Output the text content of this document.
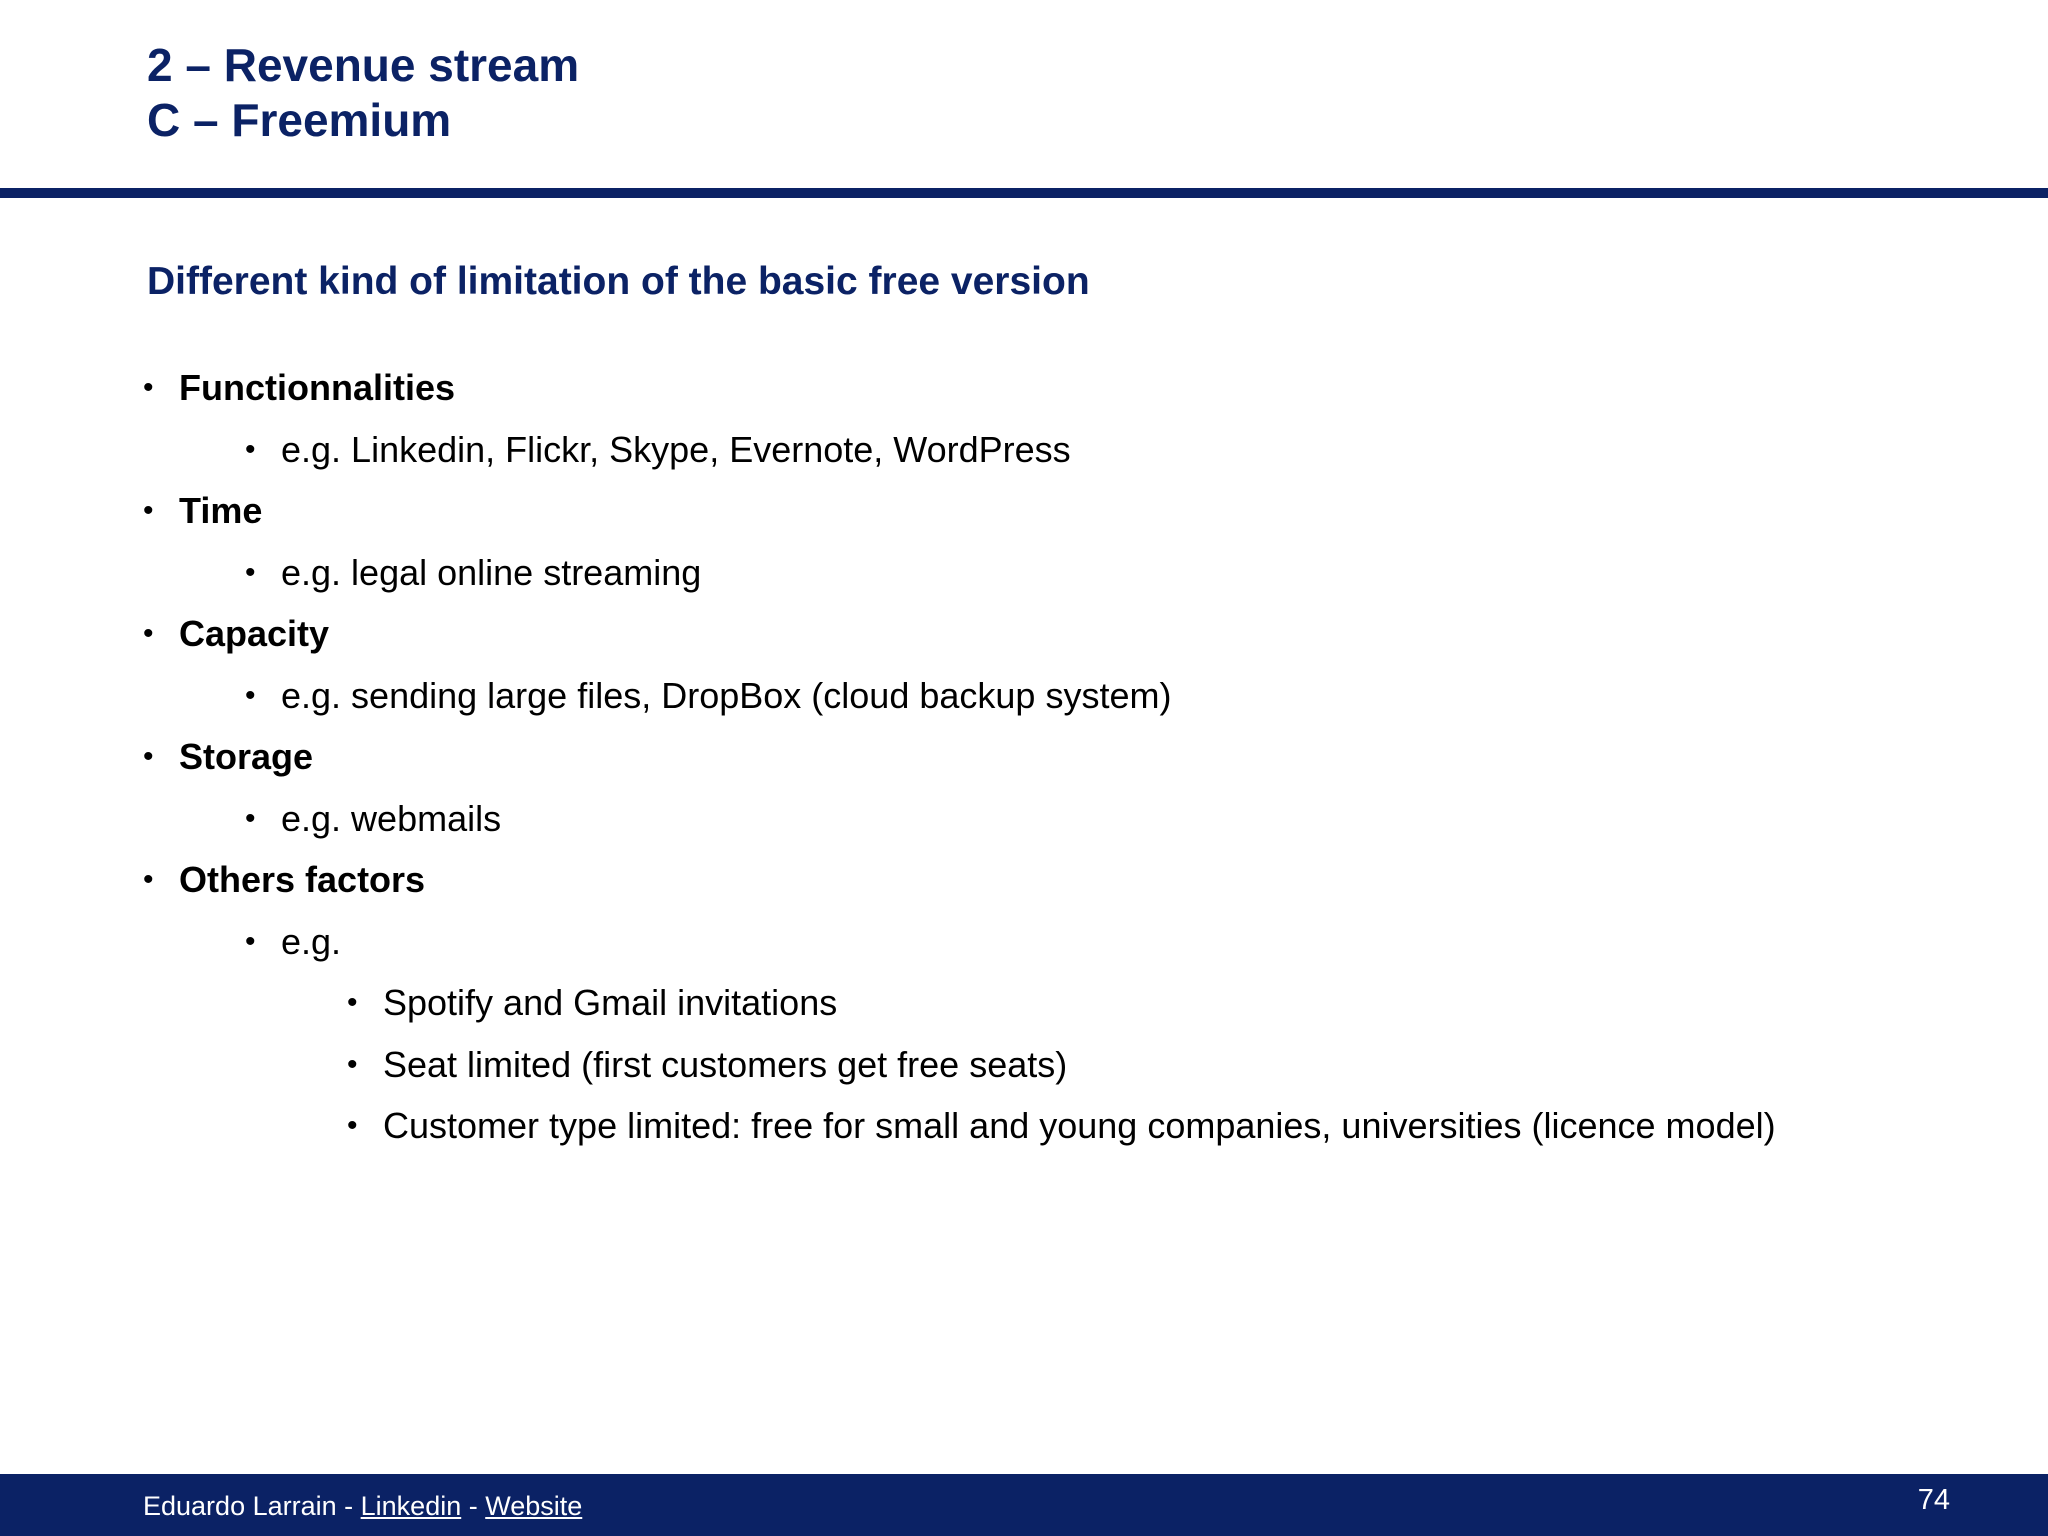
2 – Revenue stream
C – Freemium
Different kind of limitation of the basic free version
• Functionnalities
• e.g. Linkedin, Flickr, Skype, Evernote, WordPress
• Time
• e.g. legal online streaming
• Capacity
• e.g. sending large files, DropBox (cloud backup system)
• Storage
• e.g. webmails
• Others factors
• e.g.
• Spotify and Gmail invitations
• Seat limited (first customers get free seats)
• Customer type limited: free for small and young companies, universities (licence model)
Eduardo Larrain - Linkedin - Website	74
